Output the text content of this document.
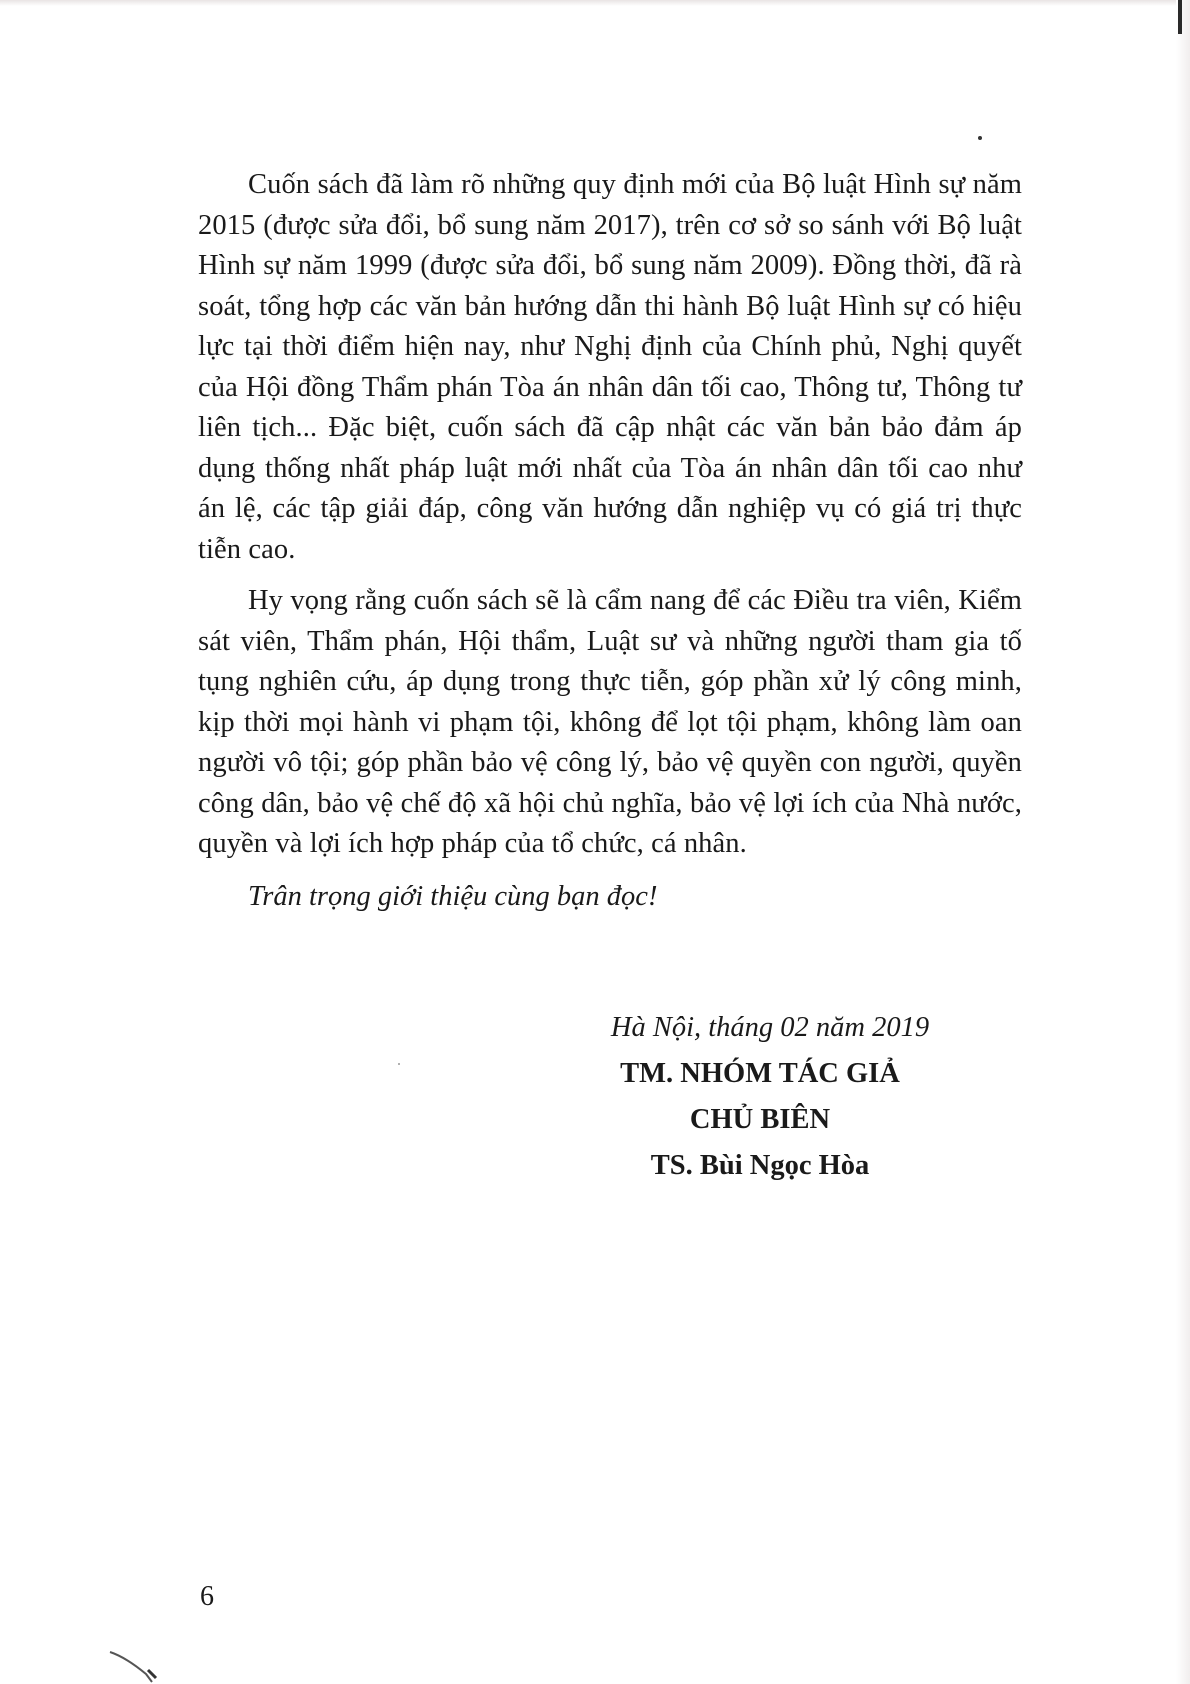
Cuốn sách đã làm rõ những quy định mới của Bộ luật Hình sự năm 2015 (được sửa đổi, bổ sung năm 2017), trên cơ sở so sánh với Bộ luật Hình sự năm 1999 (được sửa đổi, bổ sung năm 2009). Đồng thời, đã rà soát, tổng hợp các văn bản hướng dẫn thi hành Bộ luật Hình sự có hiệu lực tại thời điểm hiện nay, như Nghị định của Chính phủ, Nghị quyết của Hội đồng Thẩm phán Tòa án nhân dân tối cao, Thông tư, Thông tư liên tịch... Đặc biệt, cuốn sách đã cập nhật các văn bản bảo đảm áp dụng thống nhất pháp luật mới nhất của Tòa án nhân dân tối cao như án lệ, các tập giải đáp, công văn hướng dẫn nghiệp vụ có giá trị thực tiễn cao.

Hy vọng rằng cuốn sách sẽ là cẩm nang để các Điều tra viên, Kiểm sát viên, Thẩm phán, Hội thẩm, Luật sư và những người tham gia tố tụng nghiên cứu, áp dụng trong thực tiễn, góp phần xử lý công minh, kịp thời mọi hành vi phạm tội, không để lọt tội phạm, không làm oan người vô tội; góp phần bảo vệ công lý, bảo vệ quyền con người, quyền công dân, bảo vệ chế độ xã hội chủ nghĩa, bảo vệ lợi ích của Nhà nước, quyền và lợi ích hợp pháp của tổ chức, cá nhân.

Trân trọng giới thiệu cùng bạn đọc!

Hà Nội, tháng 02 năm 2019

TM. NHÓM TÁC GIẢ

CHỦ BIÊN

TS. Bùi Ngọc Hòa

6
